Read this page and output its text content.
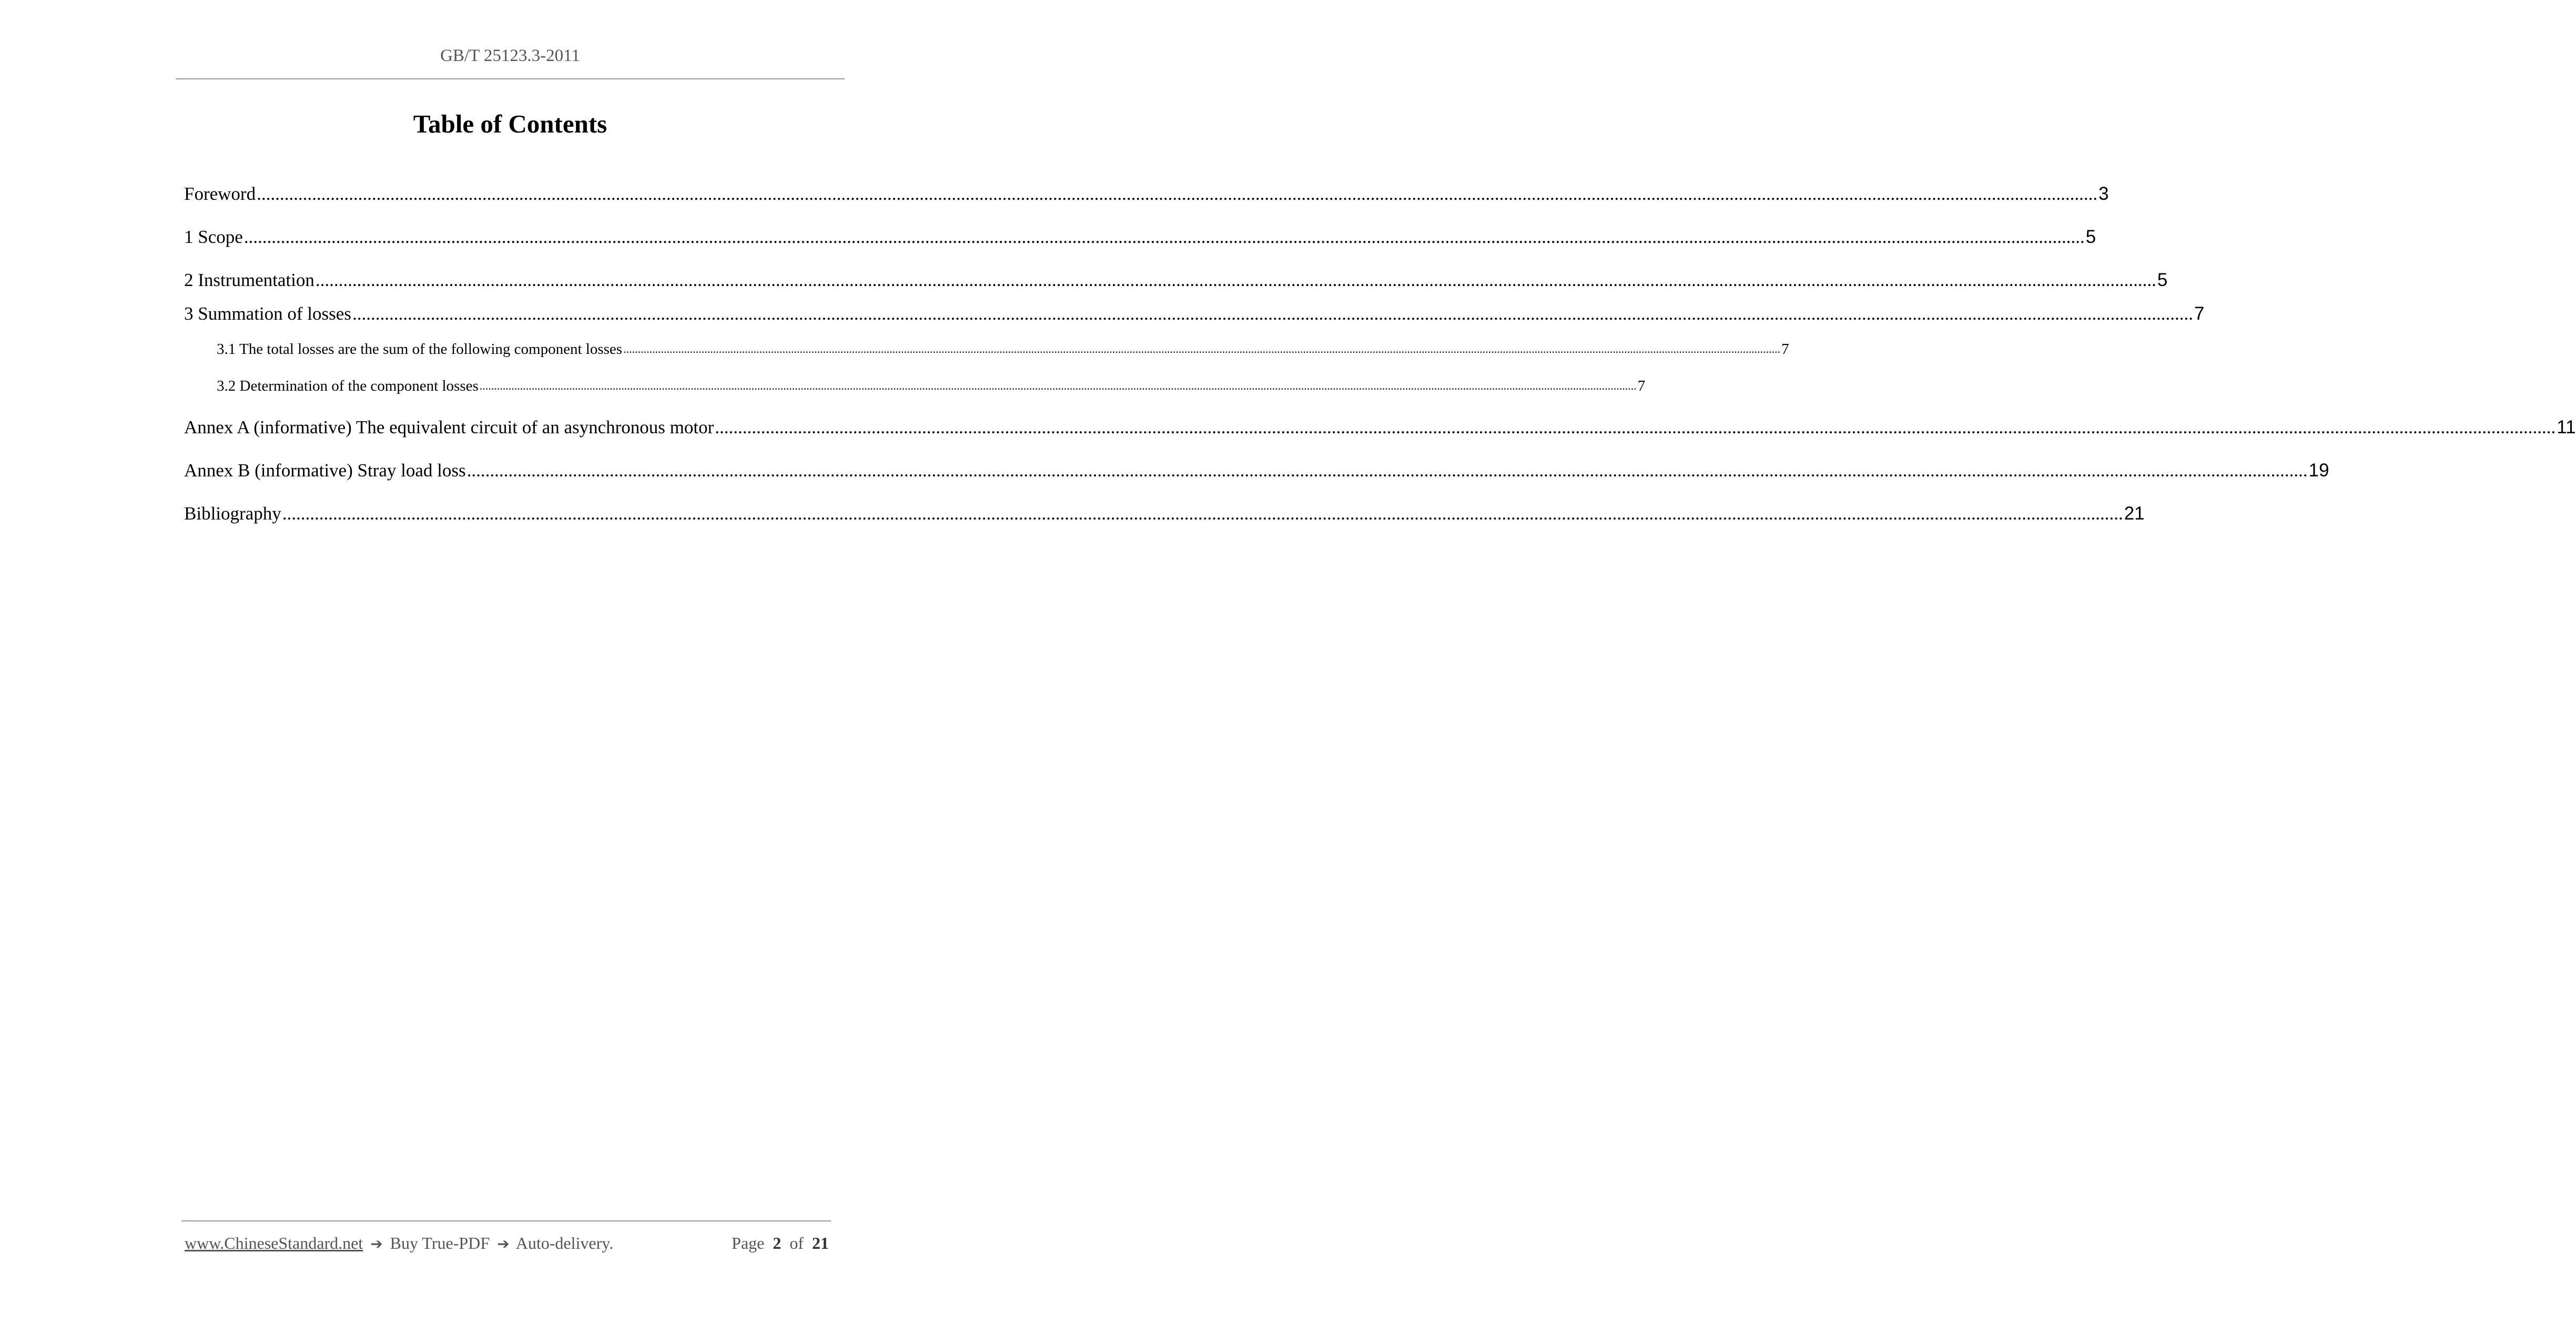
GB/T 25123.3-2011
Table of Contents
Foreword ................................................................................................................................................................................................................................................................................................................................................................................................................ 3
1 Scope ................................................................................................................................................................................................................................................................................................................................................................................................................ 5
2 Instrumentation ................................................................................................................................................................................................................................................................................................................................................................................................................ 5
3 Summation of losses ................................................................................................................................................................................................................................................................................................................................................................................................................ 7
3.1 The total losses are the sum of the following component losses ................................................................................................................................................................................................................................................................................................................................................................................................................ 7
3.2 Determination of the component losses ................................................................................................................................................................................................................................................................................................................................................................................................................ 7
Annex A (informative) The equivalent circuit of an asynchronous motor ................................................................................................................................................................................................................................................................................................................................................................................................................ 11
Annex B (informative) Stray load loss ................................................................................................................................................................................................................................................................................................................................................................................................................ 19
Bibliography ................................................................................................................................................................................................................................................................................................................................................................................................................ 21
www.ChineseStandard.net ➔ Buy True-PDF ➔ Auto-delivery.	Page 2 of 21
